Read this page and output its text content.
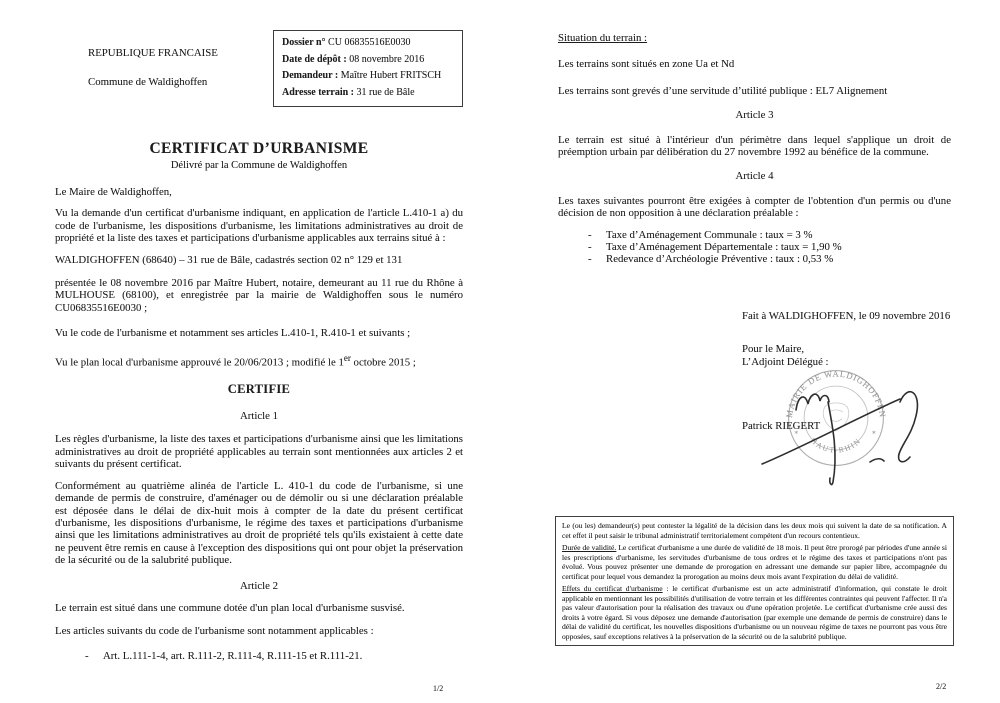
REPUBLIQUE FRANCAISE
Commune de Waldighoffen
Dossier n° CU 06835516E0030
Date de dépôt : 08 novembre 2016
Demandeur : Maître Hubert FRITSCH
Adresse terrain : 31 rue de Bâle

CERTIFICAT D’URBANISME

Délivré par la Commune de Waldighoffen

Le Maire de Waldighoffen,

Vu la demande d'un certificat d'urbanisme indiquant, en application de l'article L.410-1 a) du code de l'urbanisme, les dispositions d'urbanisme, les limitations administratives au droit de propriété et la liste des taxes et participations d'urbanisme applicables aux terrains situé à :

WALDIGHOFFEN (68640) – 31 rue de Bâle, cadastrés section 02 n° 129 et 131

présentée le 08 novembre 2016 par Maître Hubert, notaire, demeurant au 11 rue du Rhône à MULHOUSE (68100), et enregistrée par la mairie de Waldighoffen sous le numéro CU06835516E0030 ;

Vu le code de l'urbanisme et notamment ses articles L.410-1, R.410-1 et suivants ;

Vu le plan local d'urbanisme approuvé le 20/06/2013 ; modifié le 1er octobre 2015 ;

CERTIFIE

Article 1

Les règles d'urbanisme, la liste des taxes et participations d'urbanisme ainsi que les limitations administratives au droit de propriété applicables au terrain sont mentionnées aux articles 2 et suivants du présent certificat.

Conformément au quatrième alinéa de l'article L. 410-1 du code de l'urbanisme, si une demande de permis de construire, d'aménager ou de démolir ou si une déclaration préalable est déposée dans le délai de dix-huit mois à compter de la date du présent certificat d'urbanisme, les dispositions d'urbanisme, le régime des taxes et participations d'urbanisme ainsi que les limitations administratives au droit de propriété tels qu'ils existaient à cette date ne peuvent être remis en cause à l'exception des dispositions qui ont pour objet la préservation de la sécurité ou de la salubrité publique.

Article 2

Le terrain est situé dans une commune dotée d'un plan local d'urbanisme susvisé.

Les articles suivants du code de l'urbanisme sont notamment applicables :

-	Art. L.111-1-4, art. R.111-2, R.111-4, R.111-15 et R.111-21.

Situation du terrain :

Les terrains sont situés en zone Ua et Nd

Les terrains sont grevés d’une servitude d’utilité publique : EL7 Alignement

Article 3

Le terrain est situé à l'intérieur d'un périmètre dans lequel s'applique un droit de préemption urbain par délibération du 27 novembre 1992 au bénéfice de la commune.

Article 4

Les taxes suivantes pourront être exigées à compter de l'obtention d'un permis ou d'une décision de non opposition à une déclaration préalable :

-	Taxe d’Aménagement Communale : taux = 3 %
-	Taxe d’Aménagement Départementale : taux = 1,90 %
-	Redevance d’Archéologie Préventive : taux : 0,53 %

Fait à WALDIGHOFFEN, le 09 novembre 2016

Pour le Maire,

L’Adjoint Délégué :

MAIRIE DE WALDIGHOFFEN
HAUT-RHIN
✶	✶

Patrick RIEGERT

Le (ou les) demandeur(s) peut contester la légalité de la décision dans les deux mois qui suivent la date de sa notification. A cet effet il peut saisir le tribunal administratif territorialement compétent d'un recours contentieux.

Durée de validité. Le certificat d'urbanisme a une durée de validité de 18 mois. Il peut être prorogé par périodes d'une année si les prescriptions d'urbanisme, les servitudes d'urbanisme de tous ordres et le régime des taxes et participations n'ont pas évolué. Vous pouvez présenter une demande de prorogation en adressant une demande sur papier libre, accompagnée du certificat pour lequel vous demandez la prorogation au moins deux mois avant l'expiration du délai de validité.

Effets du certificat d'urbanisme : le certificat d'urbanisme est un acte administratif d'information, qui constate le droit applicable en mentionnant les possibilités d'utilisation de votre terrain et les différentes contraintes qui peuvent l'affecter. Il n'a pas valeur d'autorisation pour la réalisation des travaux ou d'une opération projetée. Le certificat d'urbanisme crée aussi des droits à votre égard. Si vous déposez une demande d'autorisation (par exemple une demande de permis de construire) dans le délai de validité du certificat, les nouvelles dispositions d'urbanisme ou un nouveau régime de taxes ne pourront pas vous être opposées, sauf exceptions relatives à la préservation de la sécurité ou de la salubrité publique.

1/2	2/2
